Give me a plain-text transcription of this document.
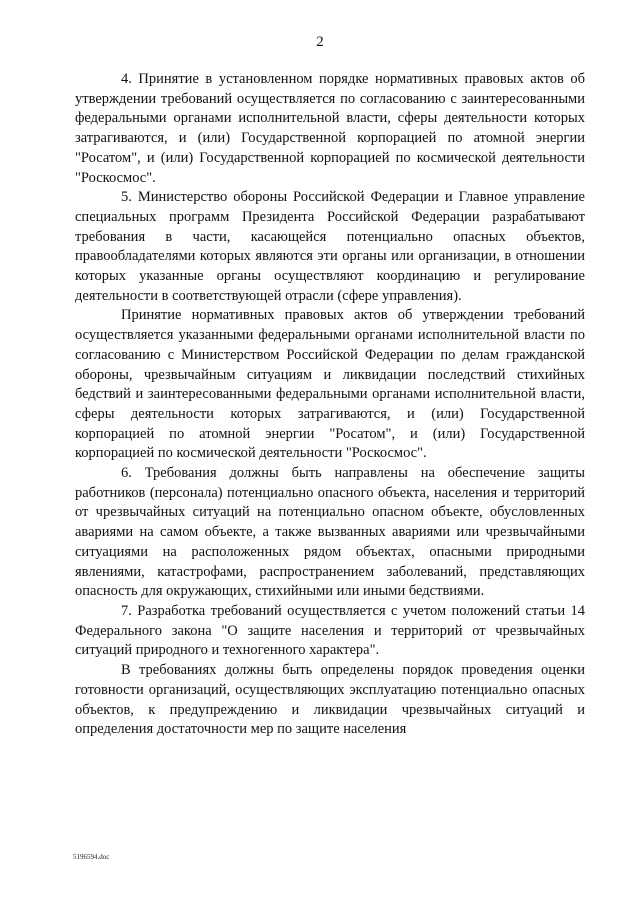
2

4. Принятие в установленном порядке нормативных правовых актов об утверждении требований осуществляется по согласованию с заинтересованными федеральными органами исполнительной власти, сферы деятельности которых затрагиваются, и (или) Государственной корпорацией по атомной энергии "Росатом", и (или) Государственной корпорацией по космической деятельности "Роскосмос".

5. Министерство обороны Российской Федерации и Главное управление специальных программ Президента Российской Федерации разрабатывают требования в части, касающейся потенциально опасных объектов, правообладателями которых являются эти органы или организации, в отношении которых указанные органы осуществляют координацию и регулирование деятельности в соответствующей отрасли (сфере управления).

Принятие нормативных правовых актов об утверждении требований осуществляется указанными федеральными органами исполнительной власти по согласованию с Министерством Российской Федерации по делам гражданской обороны, чрезвычайным ситуациям и ликвидации последствий стихийных бедствий и заинтересованными федеральными органами исполнительной власти, сферы деятельности которых затрагиваются, и (или) Государственной корпорацией по атомной энергии "Росатом", и (или) Государственной корпорацией по космической деятельности "Роскосмос".

6. Требования должны быть направлены на обеспечение защиты работников (персонала) потенциально опасного объекта, населения и территорий от чрезвычайных ситуаций на потенциально опасном объекте, обусловленных авариями на самом объекте, а также вызванных авариями или чрезвычайными ситуациями на расположенных рядом объектах, опасными природными явлениями, катастрофами, распространением заболеваний, представляющих опасность для окружающих, стихийными или иными бедствиями.

7. Разработка требований осуществляется с учетом положений статьи 14 Федерального закона "О защите населения и территорий от чрезвычайных ситуаций природного и техногенного характера".

В требованиях должны быть определены порядок проведения оценки готовности организаций, осуществляющих эксплуатацию потенциально опасных объектов, к предупреждению и ликвидации чрезвычайных ситуаций и определения достаточности мер по защите населения

5196594.doc
